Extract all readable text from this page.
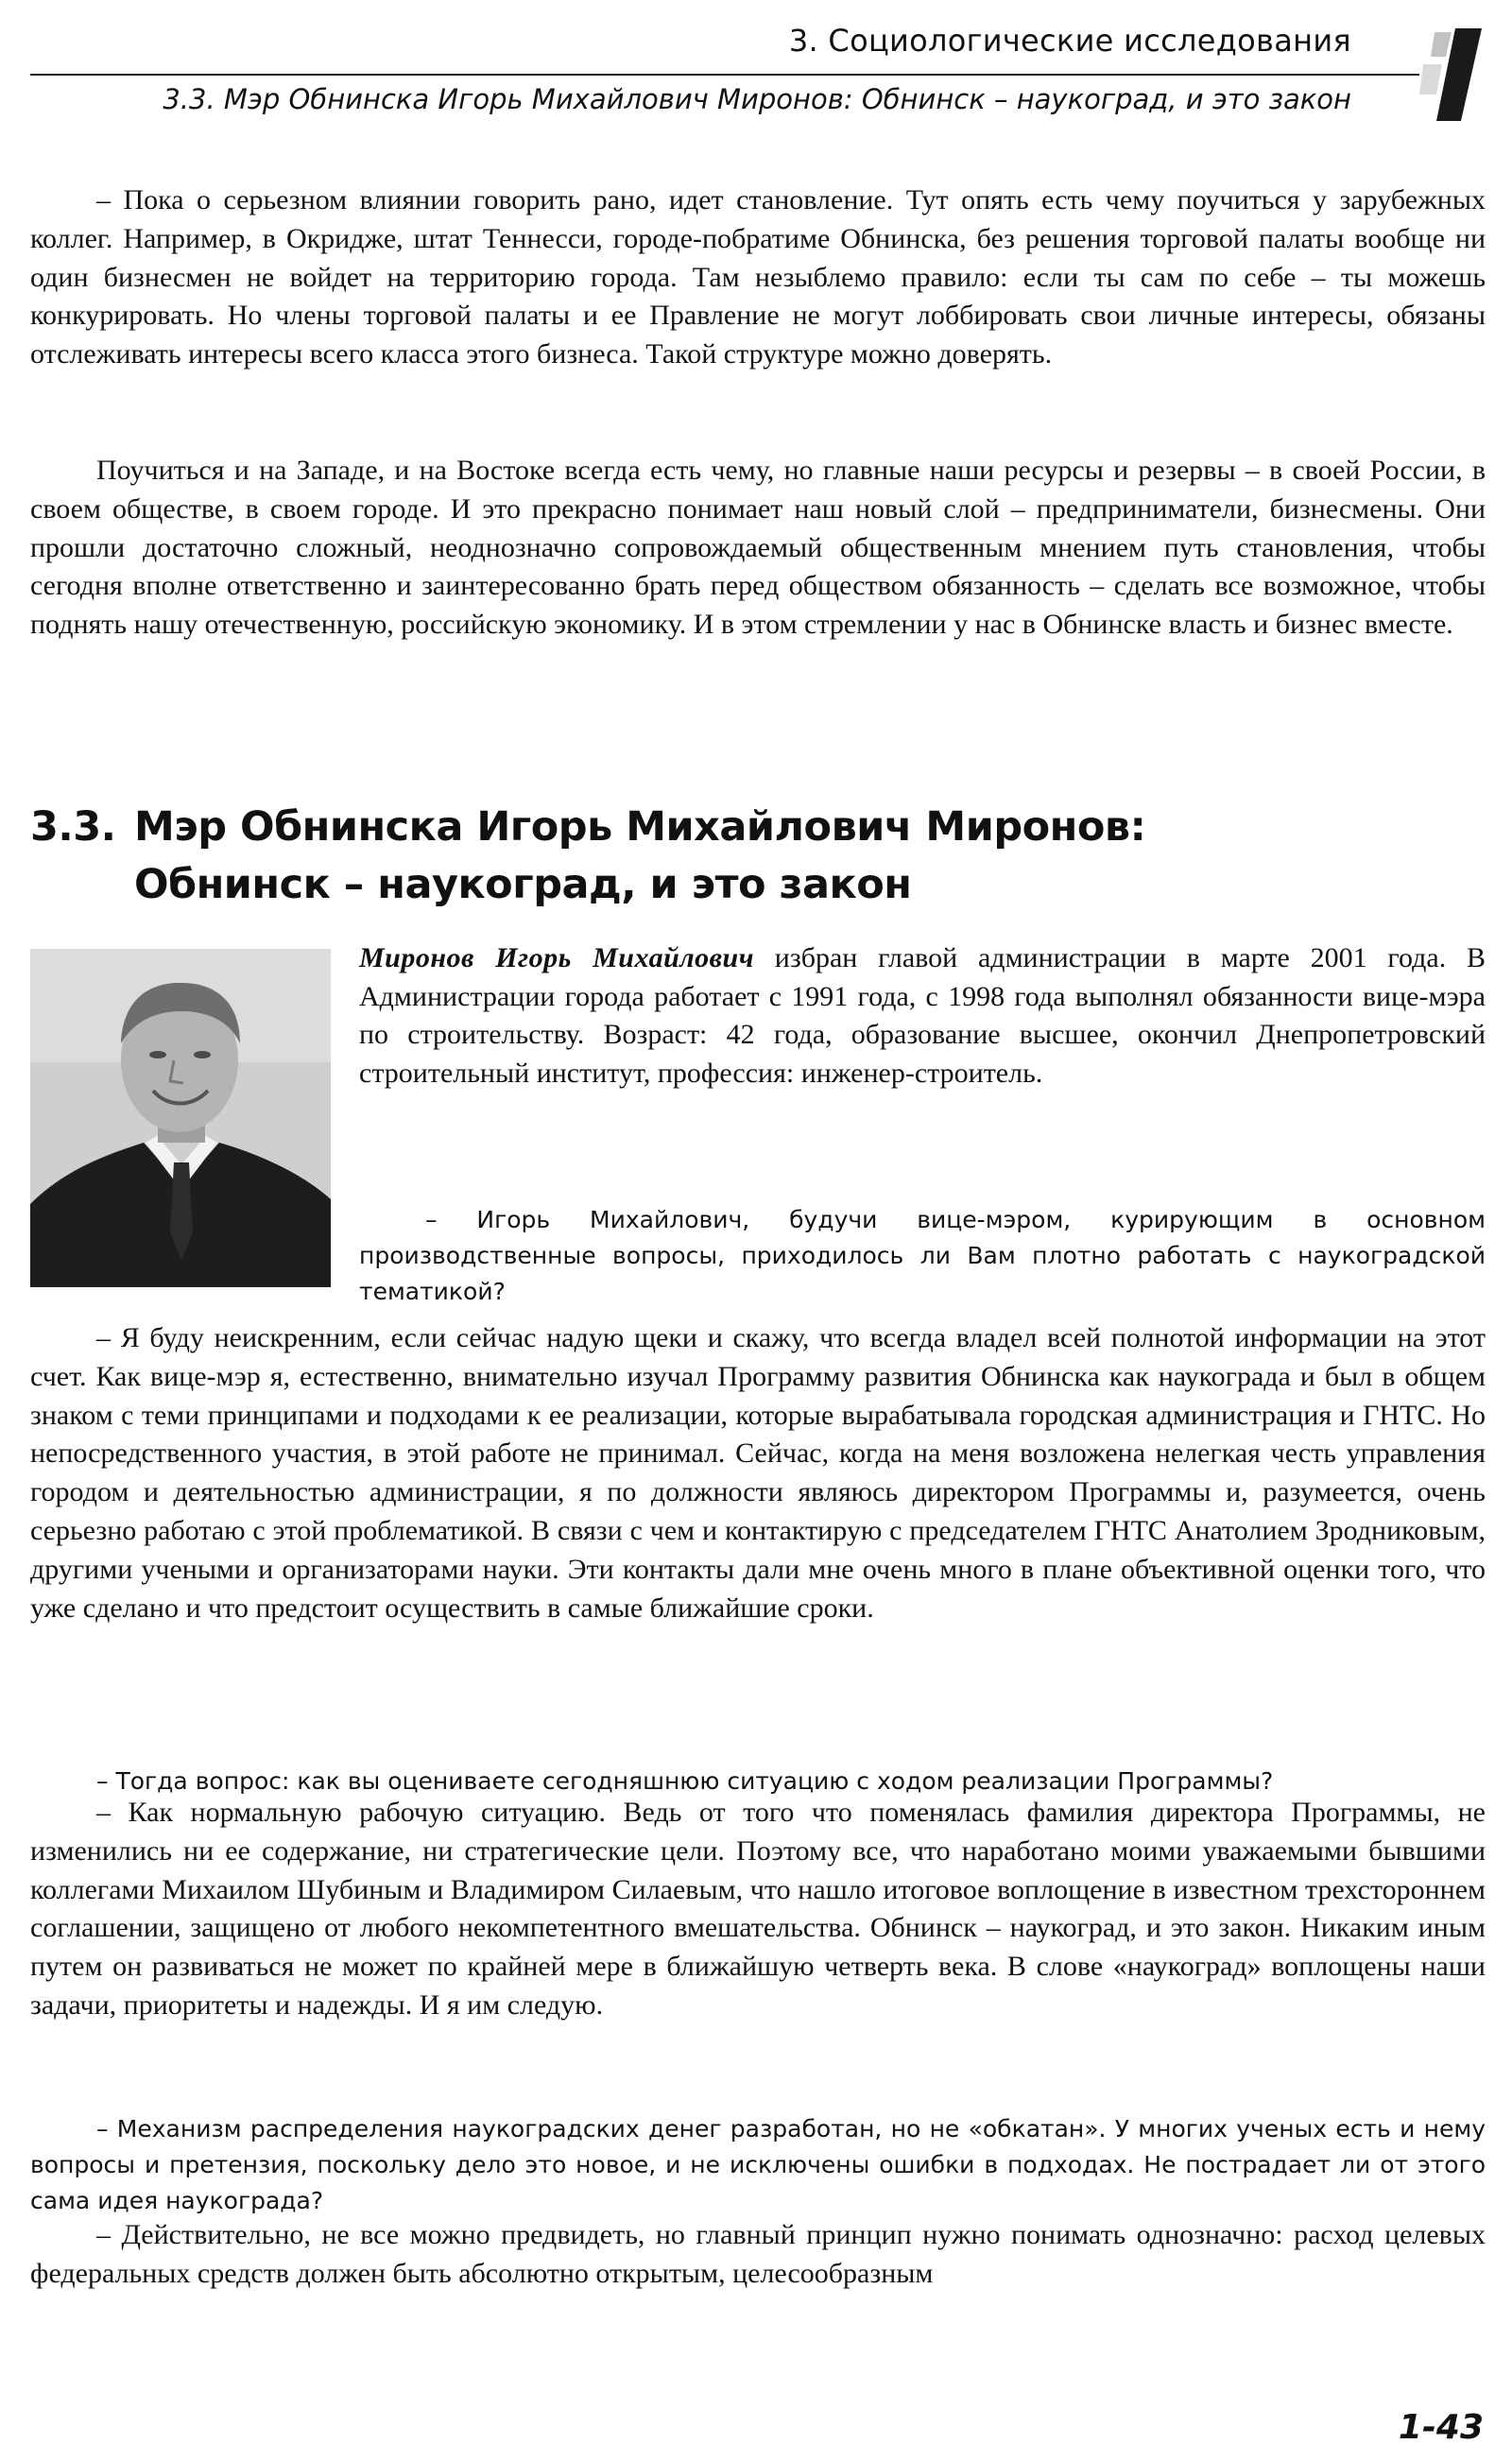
3. Социологические исследования
3.3. Мэр Обнинска Игорь Михайлович Миронов: Обнинск – наукоград, и это закон

– Пока о серьезном влиянии говорить рано, идет становление. Тут опять есть чему поучиться у зарубежных коллег. Например, в Окридже, штат Теннесси, городе-побратиме Обнинска, без решения торговой палаты вообще ни один бизнесмен не войдет на территорию города. Там незыблемо правило: если ты сам по себе – ты можешь конкурировать. Но члены торговой палаты и ее Правление не могут лоббировать свои личные интересы, обязаны отслеживать интересы всего класса этого бизнеса. Такой структуре можно доверять.

Поучиться и на Западе, и на Востоке всегда есть чему, но главные наши ресурсы и резервы – в своей России, в своем обществе, в своем городе. И это прекрасно понимает наш новый слой – предприниматели, бизнесмены. Они прошли достаточно сложный, неоднозначно сопровождаемый общественным мнением путь становления, чтобы сегодня вполне ответственно и заинтересованно брать перед обществом обязанность – сделать все возможное, чтобы поднять нашу отечественную, российскую экономику. И в этом стремлении у нас в Обнинске власть и бизнес вместе.

3.3. Мэр Обнинска Игорь Михайлович Миронов:
Обнинск – наукоград, и это закон

Миронов Игорь Михайлович избран главой администрации в марте 2001 года. В Администрации города работает с 1991 года, с 1998 года выполнял обязанности вице-мэра по строительству. Возраст: 42 года, образование высшее, окончил Днепропетровский строительный институт, профессия: инженер-строитель.

– Игорь Михайлович, будучи вице-мэром, курирующим в основном производственные вопросы, приходилось ли Вам плотно работать с наукоградской тематикой?

– Я буду неискренним, если сейчас надую щеки и скажу, что всегда владел всей полнотой информации на этот счет. Как вице-мэр я, естественно, внимательно изучал Программу развития Обнинска как наукограда и был в общем знаком с теми принципами и подходами к ее реализации, которые вырабатывала городская администрация и ГНТС. Но непосредственного участия, в этой работе не принимал. Сейчас, когда на меня возложена нелегкая честь управления городом и деятельностью администрации, я по должности являюсь директором Программы и, разумеется, очень серьезно работаю с этой проблематикой. В связи с чем и контактирую с председателем ГНТС Анатолием Зродниковым, другими учеными и организаторами науки. Эти контакты дали мне очень много в плане объективной оценки того, что уже сделано и что предстоит осуществить в самые ближайшие сроки.

– Тогда вопрос: как вы оцениваете сегодняшнюю ситуацию с ходом реализации Программы?

– Как нормальную рабочую ситуацию. Ведь от того что поменялась фамилия директора Программы, не изменились ни ее содержание, ни стратегические цели. Поэтому все, что наработано моими уважаемыми бывшими коллегами Михаилом Шубиным и Владимиром Силаевым, что нашло итоговое воплощение в известном трехстороннем соглашении, защищено от любого некомпетентного вмешательства. Обнинск – наукоград, и это закон. Никаким иным путем он развиваться не может по крайней мере в ближайшую четверть века. В слове «наукоград» воплощены наши задачи, приоритеты и надежды. И я им следую.

– Механизм распределения наукоградских денег разработан, но не «обкатан». У многих ученых есть и нему вопросы и претензия, поскольку дело это новое, и не исключены ошибки в подходах. Не пострадает ли от этого сама идея наукограда?

– Действительно, не все можно предвидеть, но главный принцип нужно понимать однозначно: расход целевых федеральных средств должен быть абсолютно открытым, целесообразным

1-43
